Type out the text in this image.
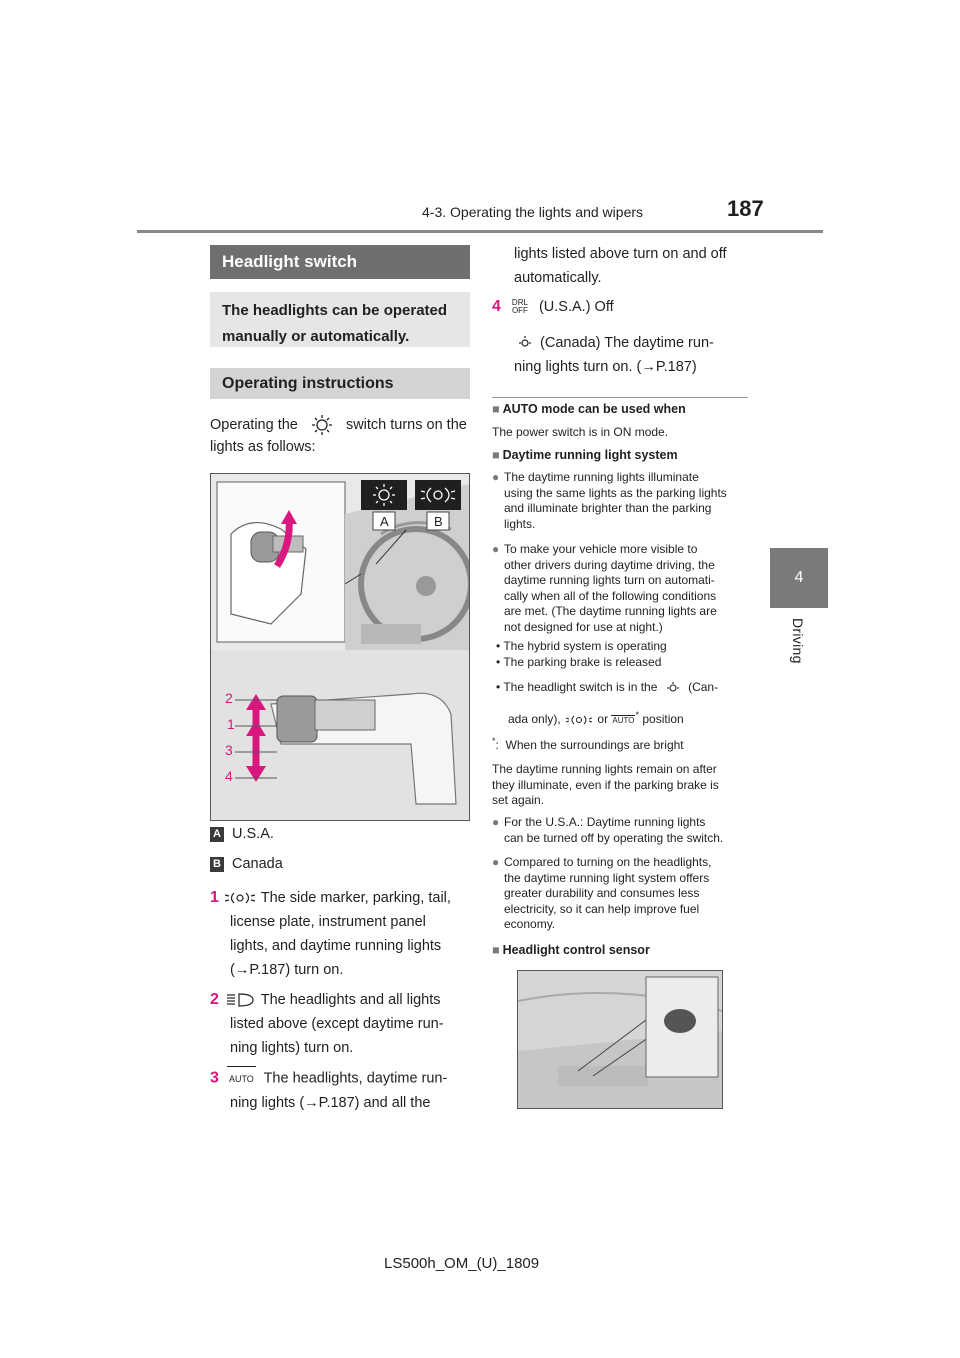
4-3. Operating the lights and wipers	187
4
Driving
Headlight switch
The headlights can be operated manually or automatically.
Operating instructions
Operating the	switch turns on the lights as follows:
A	B
2
1
3
4
A U.S.A.
B Canada
1	The side marker, parking, tail,
license plate, instrument panel
lights, and daytime running lights
(→P.187) turn on.
2	The headlights and all lights
listed above (except daytime run-
ning lights) turn on.
3 AUTO The headlights, daytime run-
ning lights (→P.187) and all the
lights listed above turn on and off
automatically.
4 DRL OFF (U.S.A.) Off
(Canada) The daytime run-
ning lights turn on. (→P.187)
■ AUTO mode can be used when
The power switch is in ON mode.
■ Daytime running light system
● The daytime running lights illuminate
using the same lights as the parking lights
and illuminate brighter than the parking
lights.
● To make your vehicle more visible to
other drivers during daytime driving, the
daytime running lights turn on automati-
cally when all of the following conditions
are met. (The daytime running lights are
not designed for use at night.)
• The hybrid system is operating
• The parking brake is released
• The headlight switch is in the	(Can-
ada only),	or AUTO* position
*:  When the surroundings are bright
The daytime running lights remain on after
they illuminate, even if the parking brake is
set again.
● For the U.S.A.: Daytime running lights
can be turned off by operating the switch.
● Compared to turning on the headlights,
the daytime running light system offers
greater durability and consumes less
electricity, so it can help improve fuel
economy.
■ Headlight control sensor
LS500h_OM_(U)_1809
